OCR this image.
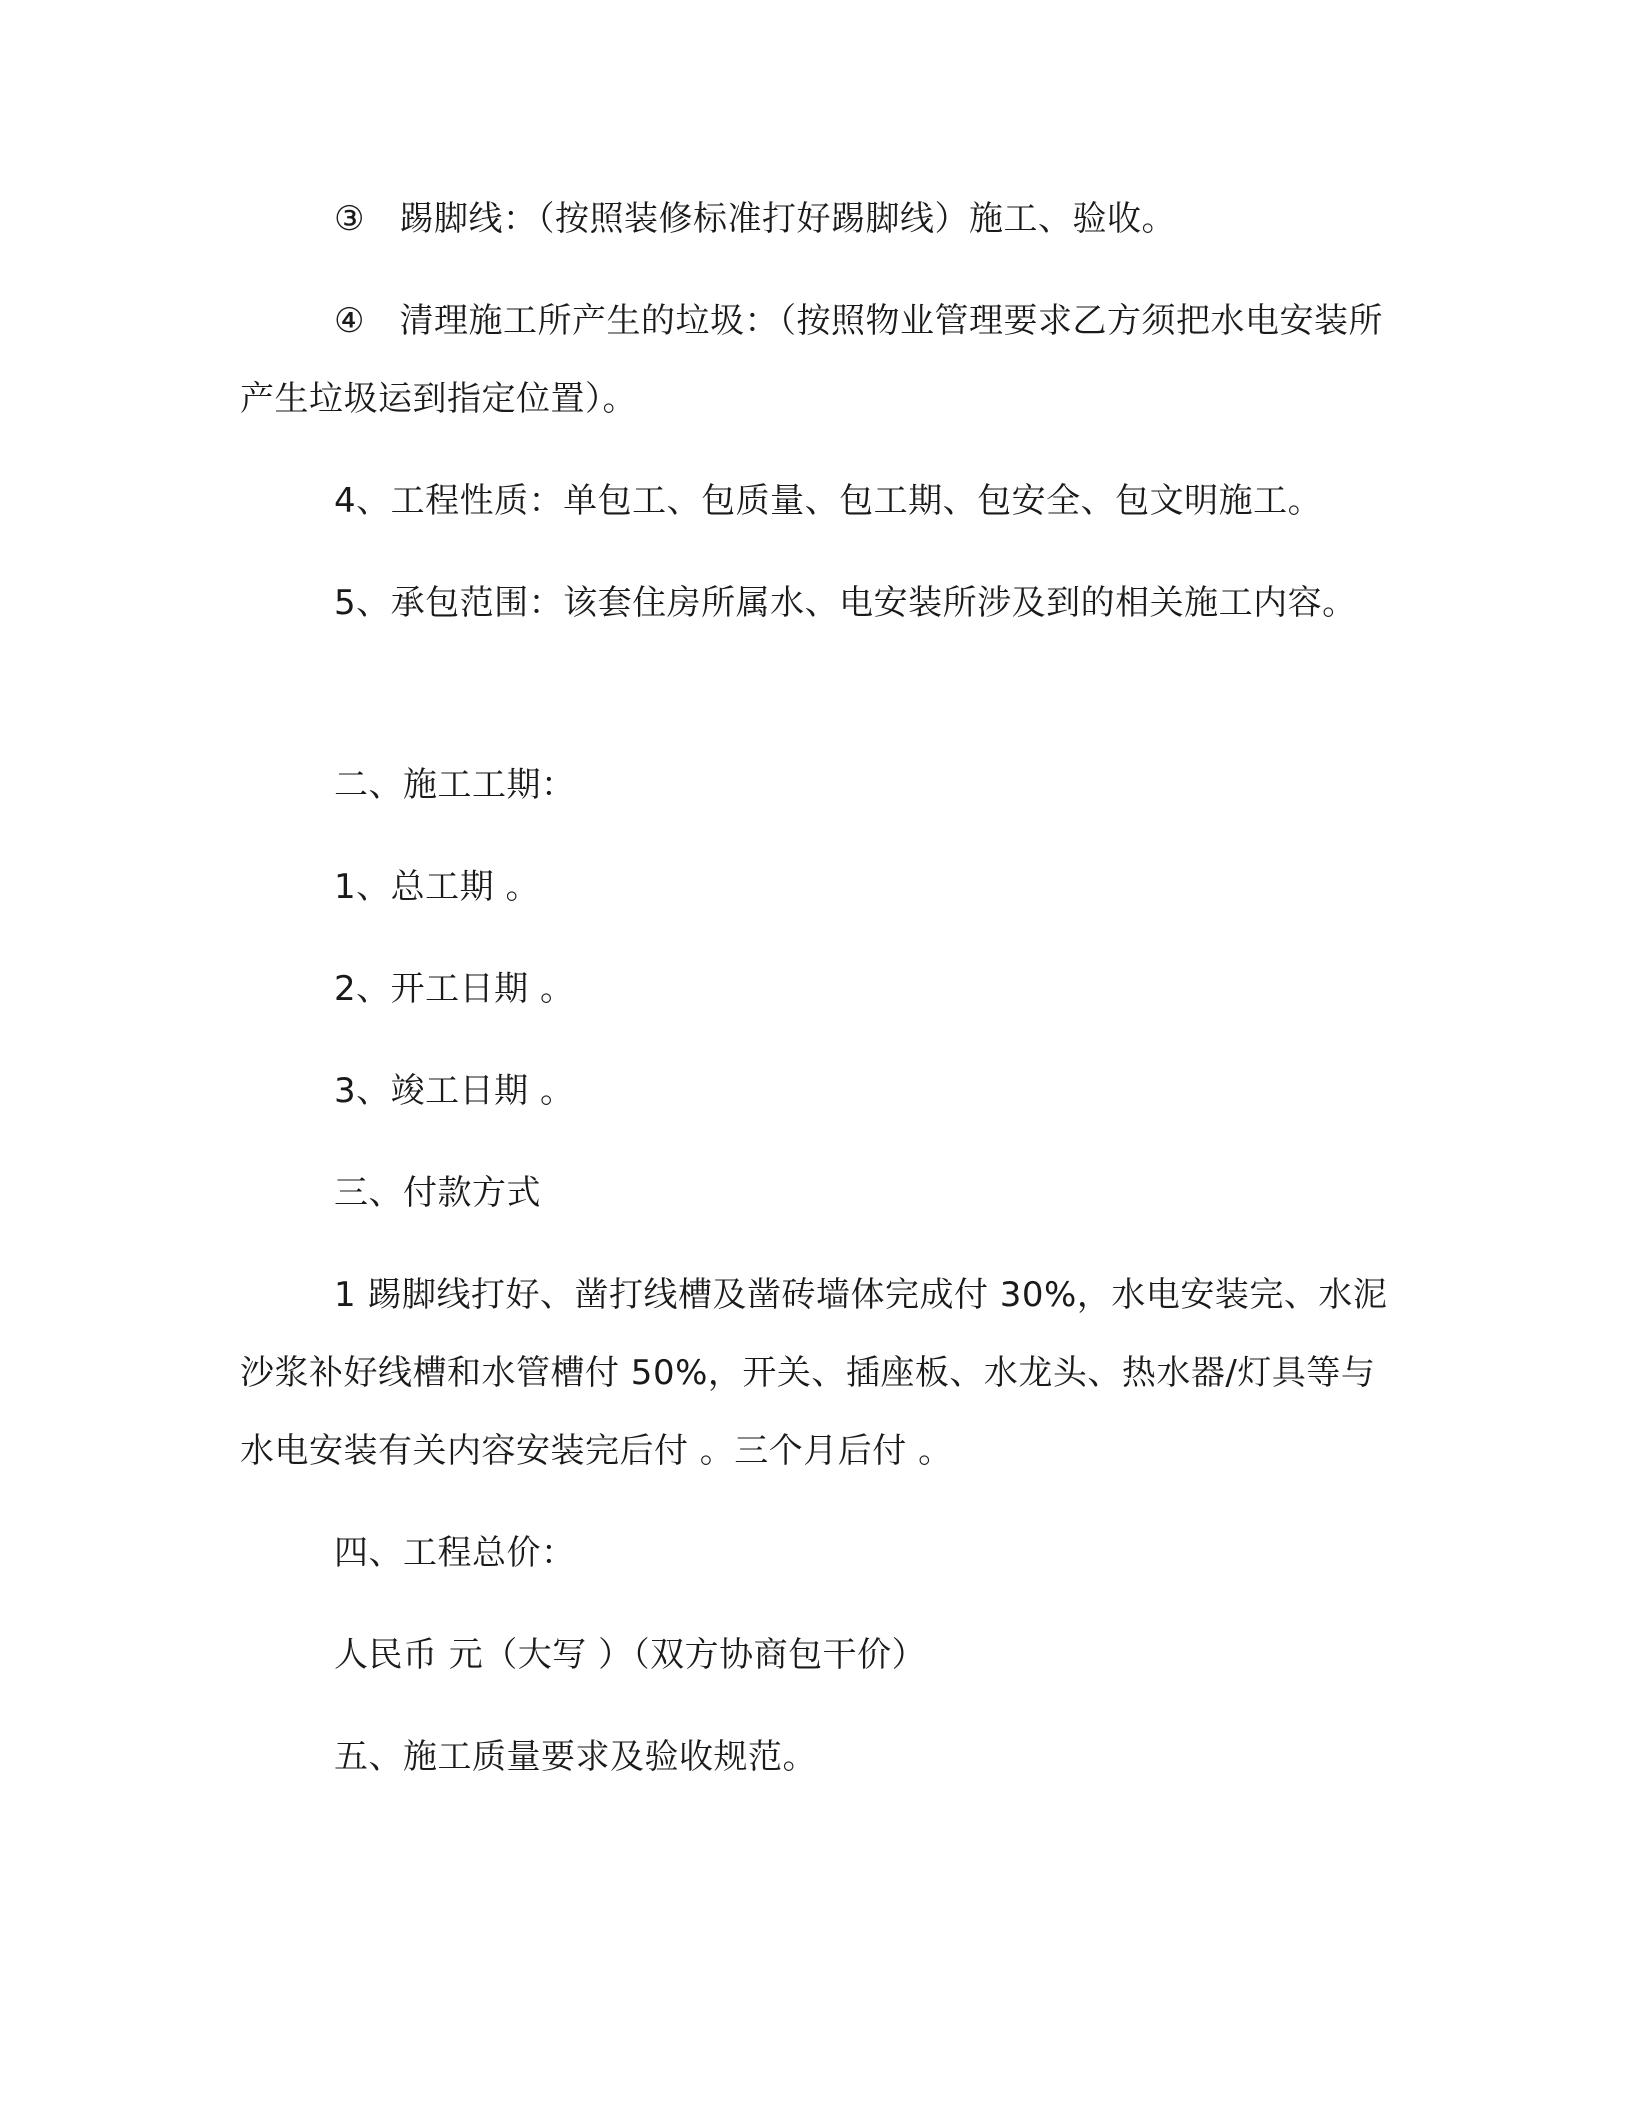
③　踢脚线：（按照装修标准打好踢脚线）施工、验收。

④　清理施工所产生的垃圾：（按照物业管理要求乙方须把水电安装所产生垃圾运到指定位置）。

4、工程性质：单包工、包质量、包工期、包安全、包文明施工。

5、承包范围：该套住房所属水、电安装所涉及到的相关施工内容。

二、施工工期：

1、总工期 。

2、开工日期 。

3、竣工日期 。

三、付款方式

1 踢脚线打好、凿打线槽及凿砖墙体完成付 30%，水电安装完、水泥沙浆补好线槽和水管槽付 50%，开关、插座板、水龙头、热水器/灯具等与水电安装有关内容安装完后付 。三个月后付 。

四、工程总价：

人民币 元（大写 ）（双方协商包干价）

五、施工质量要求及验收规范。
